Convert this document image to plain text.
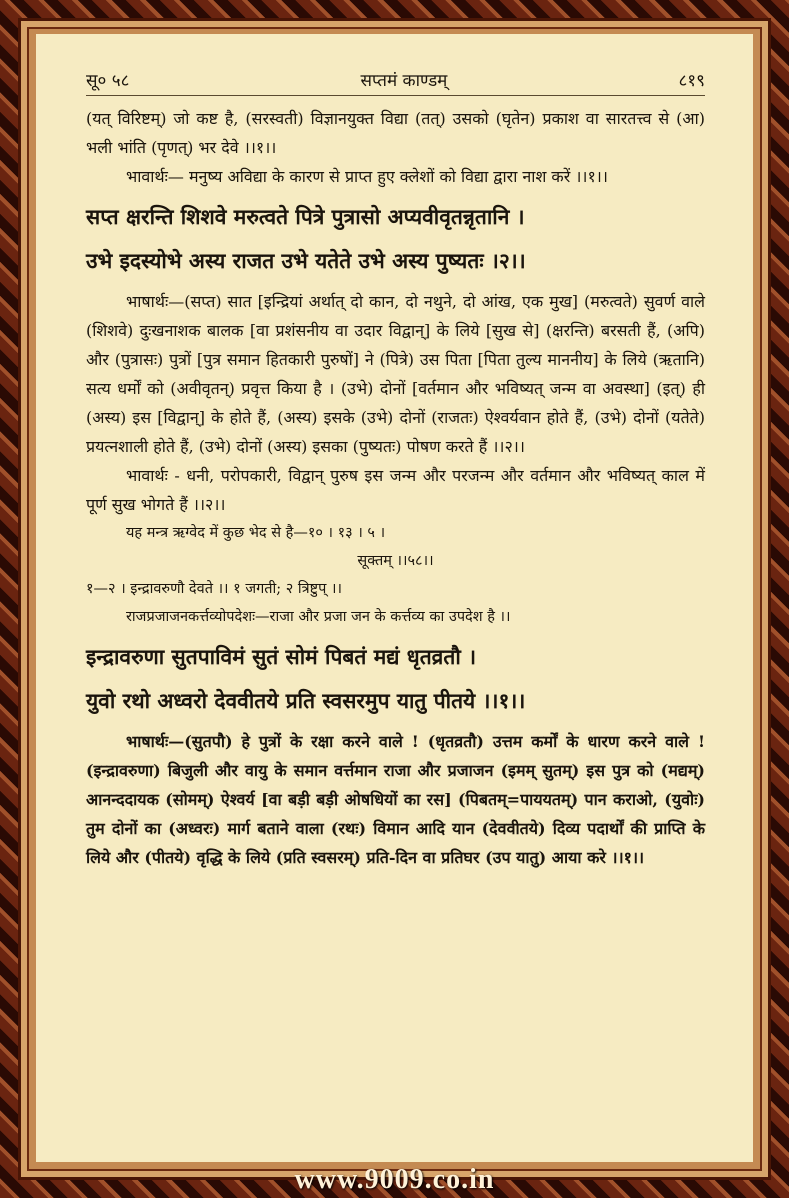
सू० ५८	सप्तमं काण्डम्	८१९

(यत् विरिष्टम्) जो कष्ट है, (सरस्वती) विज्ञानयुक्त विद्या (तत्) उसको (घृतेन) प्रकाश वा सारतत्त्व से (आ) भली भांति (पृणत्) भर देवे ।।१।।

भावार्थः— मनुष्य अविद्या के कारण से प्राप्त हुए क्लेशों को विद्या द्वारा नाश करें ।।१।।

सप्त क्षरन्ति शिशवे मरुत्वते पित्रे पुत्रासो अप्यवीवृतन्नृतानि ।
उभे इदस्योभे अस्य राजत उभे यतेते उभे अस्य पुष्यतः ।२।।

भाषार्थः—(सप्त) सात [इन्द्रियां अर्थात् दो कान, दो नथुने, दो आंख, एक मुख] (मरुत्वते) सुवर्ण वाले (शिशवे) दुःखनाशक बालक [वा प्रशंसनीय वा उदार विद्वान्] के लिये [सुख से] (क्षरन्ति) बरसती हैं, (अपि) और (पुत्रासः) पुत्रों [पुत्र समान हितकारी पुरुषों] ने (पित्रे) उस पिता [पिता तुल्य माननीय] के लिये (ऋतानि) सत्य धर्मों को (अवीवृतन्) प्रवृत्त किया है । (उभे) दोनों [वर्तमान और भविष्यत् जन्म वा अवस्था] (इत्) ही (अस्य) इस [विद्वान्] के होते हैं, (अस्य) इसके (उभे) दोनों (राजतः) ऐश्वर्यवान होते हैं, (उभे) दोनों (यतेते) प्रयत्नशाली होते हैं, (उभे) दोनों (अस्य) इसका (पुष्यतः) पोषण करते हैं ।।२।।

भावार्थः - धनी, परोपकारी, विद्वान् पुरुष इस जन्म और परजन्म और वर्तमान और भविष्यत् काल में पूर्ण सुख भोगते हैं ।।२।।

यह मन्त्र ऋग्वेद में कुछ भेद से है—१० । १३ । ५ ।

सूक्तम् ।।५८।।

१—२ । इन्द्रावरुणौ देवते ।। १ जगती; २ त्रिष्टुप् ।।

राजप्रजाजनकर्त्तव्योपदेशः—राजा और प्रजा जन के कर्त्तव्य का उपदेश है ।।

इन्द्रावरुणा सुतपाविमं सुतं सोमं पिबतं मद्यं धृतव्रतौ ।
युवो रथो अध्वरो देववीतये प्रति स्वसरमुप यातु पीतये ।।१।।

भाषार्थः—(सुतपौ) हे पुत्रों के रक्षा करने वाले ! (धृतव्रतौ) उत्तम कर्मों के धारण करने वाले ! (इन्द्रावरुणा) बिजुली और वायु के समान वर्त्तमान राजा और प्रजाजन (इमम् सुतम्) इस पुत्र को (मद्यम्) आनन्ददायक (सोमम्) ऐश्वर्य [वा बड़ी बड़ी ओषधियों का रस] (पिबतम्=पाययतम्) पान कराओ, (युवोः) तुम दोनों का (अध्वरः) मार्ग बताने वाला (रथः) विमान आदि यान (देववीतये) दिव्य पदार्थों की प्राप्ति के लिये और (पीतये) वृद्धि के लिये (प्रति स्वसरम्) प्रति-दिन वा प्रतिघर (उप यातु) आया करे ।।१।।

www.9009.co.in
